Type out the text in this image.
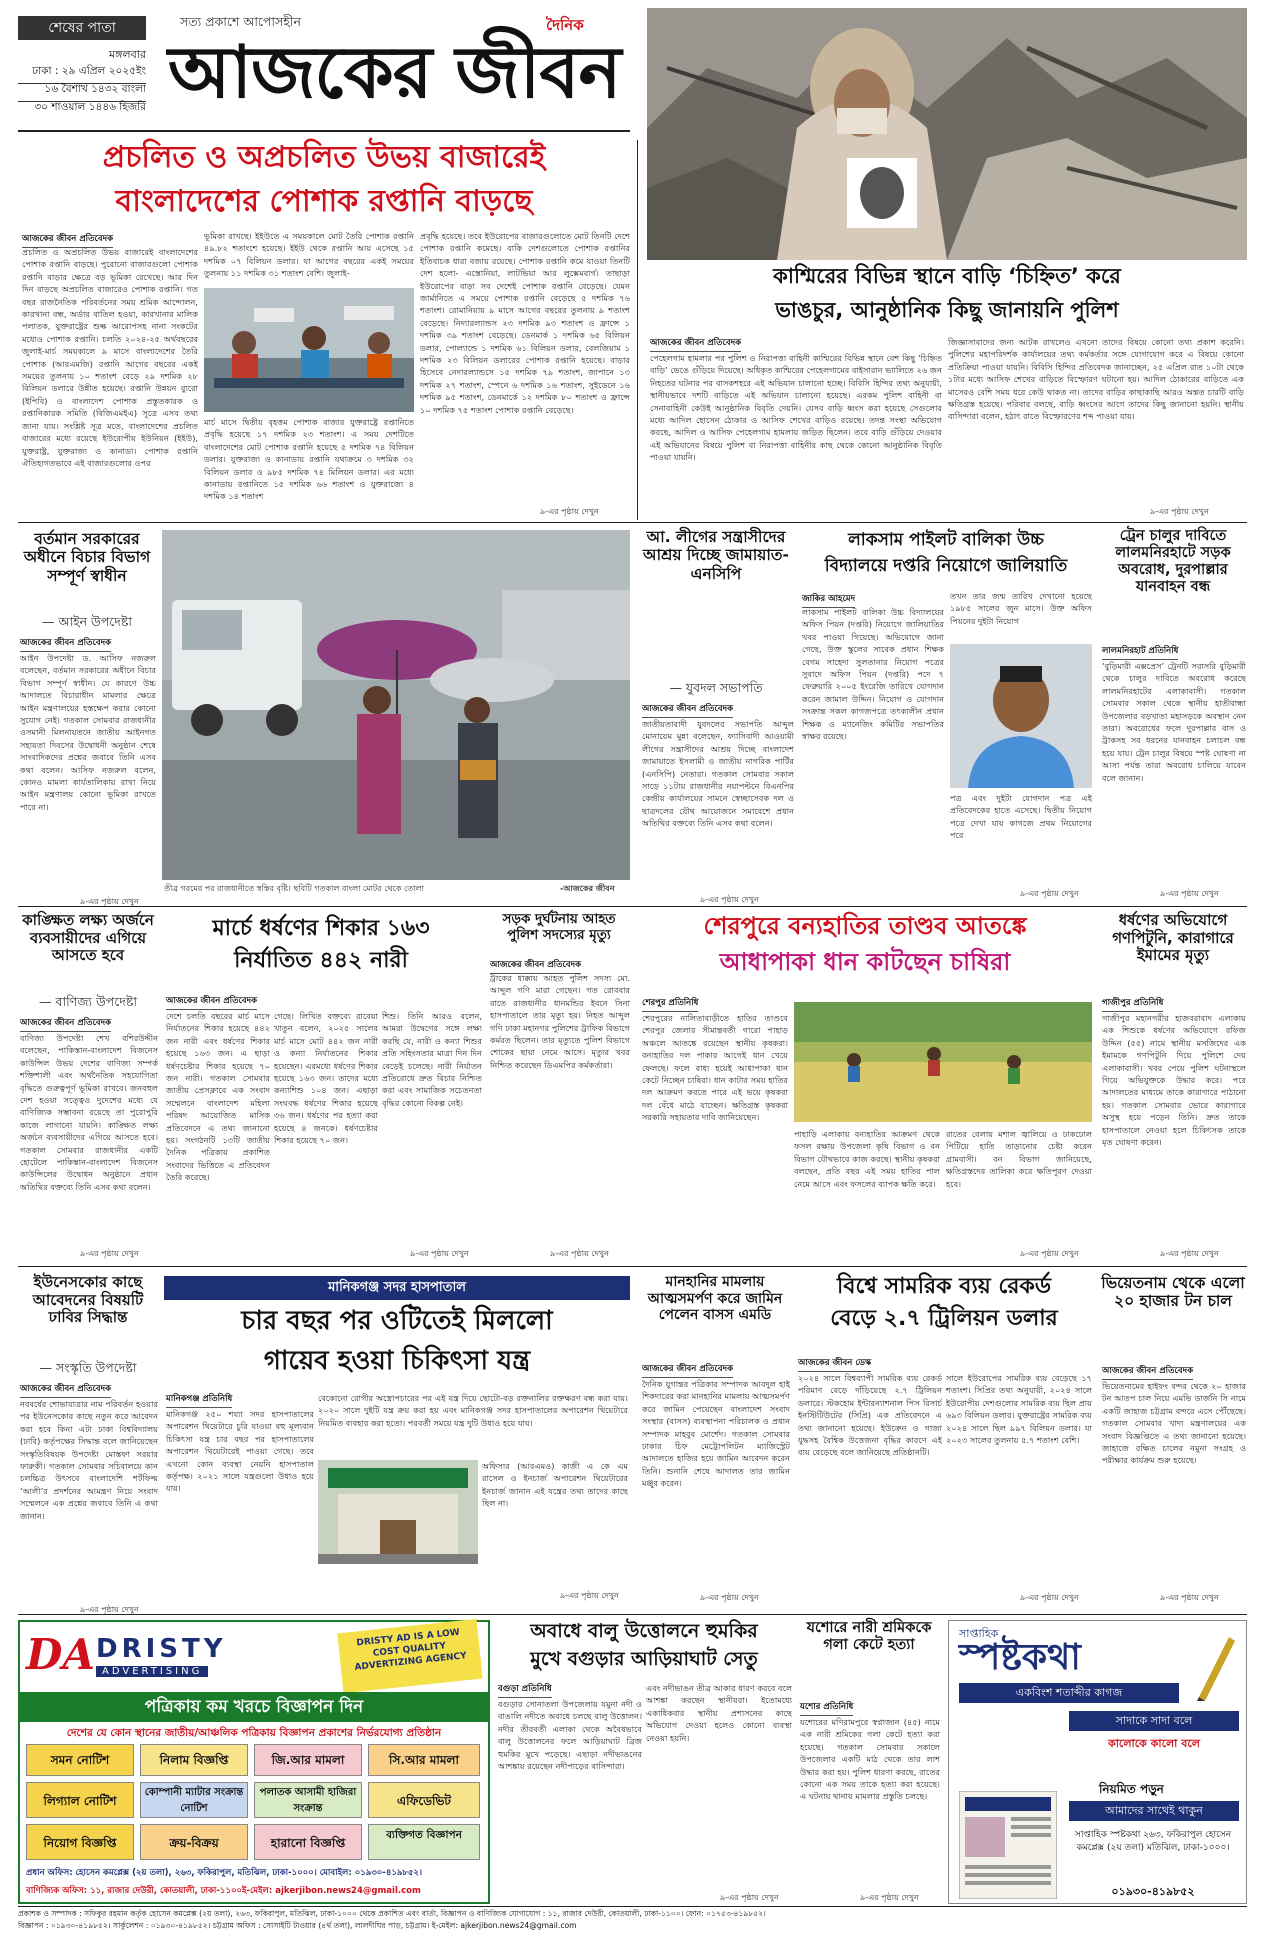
শেষের পাতা
মঙ্গলবার
ঢাকা : ২৯ এপ্রিল ২০২৫ইং
১৬ বৈশাখ ১৪৩২ বাংলা
৩০ শাওয়াল ১৪৪৬ হিজরি
সত্য প্রকাশে আপোসহীন	দৈনিক
আজকের জীবন
প্রচলিত ও অপ্রচলিত উভয় বাজারেই
বাংলাদেশের পোশাক রপ্তানি বাড়ছে
আজকের জীবন প্রতিবেদক
প্রচলিত ও অপ্রচলিত উভয় বাজারেই বাংলাদেশের পোশাক রপ্তানি বাড়ছে। পুরোনো বাজারগুলো পোশাক রপ্তানি বাড়ার ক্ষেত্রে বড় ভূমিকা রেখেছে। আর দিন দিন বাড়ছে অপ্রচলিত বাজারেও পোশাক রপ্তানি। গত বছর রাজনৈতিক পরিবর্তনের সময় শ্রমিক আন্দোলন, কারখানা বন্ধ, অর্ডার বাতিল হওয়া, কারখানার মালিক পলাতক, যুক্তরাষ্ট্রের শুল্ক আরোপসহ নানা সংকটের মধ্যেও পোশাক রপ্তানি। চলতি ২০২৪-২৫ অর্থবছরের জুলাই-মার্চ সময়কালে ৯ মাসে বাংলাদেশের তৈরি পোশাক (আরএমজি) রপ্তানি আগের বছরের একই সময়ের তুলনায় ১০ শতাংশ বেড়ে ২৯ দশমিক ২৮ বিলিয়ন ডলারে উন্নীত হয়েছে। রপ্তানি উন্নয়ন ব্যুরো (ইপিবি) ও বাংলাদেশ পোশাক প্রস্তুতকারক ও রপ্তানিকারক সমিতি (বিজিএমইএ) সূত্রে এসব তথ্য জানা যায়। সংশ্লিষ্ট সূত্র মতে, বাংলাদেশের প্রচলিত বাজারের মধ্যে রয়েছে ইউরোপীয় ইউনিয়ন (ইইউ), যুক্তরাষ্ট্র, যুক্তরাজ্য ও কানাডা। পোশাক রপ্তানি ঐতিহ্যগতভাবে এই বাজারগুলোর ওপর
ভূমিকা রাখছে। ইইউতে এ সময়কালে মোট তৈরি পোশাক রপ্তানি ৪৯.৮২ শতাংশে হয়েছে। ইইউ থেকে রপ্তানি আয় এসেছে ১৫ দশমিক ০৭ বিলিয়ন ডলার। যা আগের বছরের একই সময়ের তুলনায় ১১ দশমিক ৩১ শতাংশ বেশি। জুলাই-
মার্চ মাসে দ্বিতীয় বৃহত্তম পোশাক বাজার যুক্তরাষ্ট্রে রপ্তানিতে প্রবৃদ্ধি হয়েছে ১৭ দশমিক ২৩ শতাংশ। এ সময় দেশটিতে বাংলাদেশের মোট পোশাক রপ্তানি হয়েছে ৫ দশমিক ৭৪ বিলিয়ন ডলার। যুক্তরাজ্য ও কানাডায় রপ্তানি যথাক্রমে ৩ দশমিক ৩২ বিলিয়ন ডলার ও ৯৮৫ দশমিক ৭৪ মিলিয়ন ডলার। এর মধ্যে কানাডায় রপ্তানিতে ১৫ দশমিক ৬৬ শতাংশ ও যুক্তরাজ্যে ৪ দশমিক ১৪ শতাংশ
প্রবৃদ্ধি হয়েছে। তবে ইউরোপের বাজারগুলোতে মোট তিনটি দেশে পোশাক রপ্তানি কমেছে। বাকি দেশগুলোতে পোশাক রপ্তানির ইতিবাচক ধারা বজায় রয়েছে। পোশাক রপ্তানি কমে যাওয়া তিনটি দেশ হলো- এস্তোনিয়া, লাটভিয়া আর লুক্সেমবার্গ। তাছাড়া ইউরোপের বাড়া সব দেশেই পোশাক রপ্তানি বেড়েছে। যেমন জার্মানিতে এ সময়ে পোশাক রপ্তানি বেড়েছে ৫ দশমিক ৭৬ শতাংশ। রোমানিয়ায় ৯ মাসে আগের বছরের তুলনায় ৯ শতাংশ বেড়েছে। নিদ্যারল্যান্ডস ২৩ দশমিক ৯৩ শতাংশ ও ফ্রান্সে ১ দশমিক ৩৯ শতাংশ বেড়েছে। ডেনমার্ক ১ দশমিক ৬৫ বিলিয়ন ডলার, পোল্যান্ডে ১ দশমিক ৬১ বিলিয়ন ডলার, বেলজিয়াম ১ দশমিক ২৩ বিলিয়ন ডলারের পোশাক রপ্তানি হয়েছে। বাড়ার হিসেবে নেদারল্যান্ডসে ১৫ দশমিক ৭৯ শতাংশ, জাপানে ১৩ দশমিক ২৭ শতাংশ, স্পেনে ৬ দশমিক ১৬ শতাংশ, সুইডেনে ১৬ দশমিক ৯৫ শতাংশ, ডেনমার্কে ১২ দশমিক ৮০ শতাংশ ও ফ্রান্সে ১০ দশমিক ৭৫ শতাংশ পোশাক রপ্তানি বেড়েছে।
৯-এর পৃষ্ঠায় দেখুন
কাশ্মিরের বিভিন্ন স্থানে বাড়ি ‘চিহ্নিত’ করে
ভাঙচুর, আনুষ্ঠানিক কিছু জানায়নি পুলিশ
আজকের জীবন প্রতিবেদক
পেহেলগাম হামলার পর পুলিশ ও নিরাপত্তা বাহিনী কাশ্মিরের বিভিন্ন স্থানে বেশ কিছু ‘চিহ্নিত বাড়ি’ ভেঙে গুঁড়িয়ে দিয়েছে। অধিকৃত কাশ্মিরের পেহেলগামের বাইসারান ভ্যালিতে ২৬ জন নিহতের ঘটনার পর বাসকশহরে এই অভিযান চালানো হচ্ছে। বিবিসি হিন্দির তথ্য অনুযায়ী, স্থানীয়ভাবে দশটি বাড়িতে এই অভিযান চালানো হয়েছে। এরকম পুলিশ বাহিনী বা সেনাবাহিনী কেউই আনুষ্ঠানিক বিবৃতি দেয়নি। যেসব বাড়ি ধ্বংস করা হয়েছে সেগুলোর মধ্যে আদিল হোসেন ঠোকার ও আসিফ শেখের বাড়িও রয়েছে। তদন্ত সংস্থা অভিযোগ করছে, আদিল ও আসিফ পেহেলগাম হামলায় জড়িত ছিলেন। তবে বাড়ি গুঁড়িয়ে দেওয়ার এই অভিযানের বিষয়ে পুলিশ বা নিরাপত্তা বাহিনীর কাছ থেকে কোনো আনুষ্ঠানিক বিবৃতি পাওয়া যায়নি।
জিজ্ঞাসাবাদের জন্য আটক রাখলেও এখনো তাদের বিষয়ে কোনো তথ্য প্রকাশ করেনি। পুলিশের মহাপরিদর্শক কার্যালয়ের তথ্য কর্মকর্তার সঙ্গে যোগাযোগ করে এ বিষয়ে কোনো প্রতিক্রিয়া পাওয়া যায়নি। বিবিসি হিন্দির প্রতিবেদক জানাচ্ছেন, ২৫ এপ্রিল রাত ১০টা থেকে ১টার মধ্যে আসিফ শেখের বাড়িতে বিস্ফোরণ ঘটানো হয়। আদিল ঠোকারের বাড়িতে এক মাসেরও বেশি সময় ধরে কেউ থাকত না। তাদের বাড়ির কাছাকাছি আরও অন্তত চারটি বাড়ি ক্ষতিগ্রস্ত হয়েছে। পরিবার বলছে, বাড়ি ধ্বংসের আগে তাদের কিছু জানানো হয়নি। স্থানীয় বাসিন্দারা বলেন, হঠাৎ রাতে বিস্ফোরণের শব্দ পাওয়া যায়।
৯-এর পৃষ্ঠায় দেখুন
বর্তমান সরকারের অধীনে বিচার বিভাগ সম্পূর্ণ স্বাধীন
— আইন উপদেষ্টা
আজকের জীবন প্রতিবেদক
আইন উপদেষ্টা ড. আসিফ নজরুল বলেছেন, বর্তমান সরকারের অধীনে বিচার বিভাগ সম্পূর্ণ স্বাধীন। যে কারণে উচ্চ আদালতে বিচারাধীন মামলার ক্ষেত্রে আইন মন্ত্রণালয়ের হস্তক্ষেপ করার কোনো সুযোগ নেই। গতকাল সোমবার রাজধানীর ওসমানী মিলনায়তনে জাতীয় আইনগত সহায়তা দিবসের উদ্বোধনী অনুষ্ঠান শেষে সাংবাদিকদের প্রশ্নের জবাবে তিনি এসব কথা বলেন। আসিফ নজরুল বলেন, কোনও মামলা কার্যতালিকায় রাখা নিয়ে আইন মন্ত্রণালয় কোনো ভূমিকা রাখতে পারে না।
৯-এর পৃষ্ঠায় দেখুন
তীব্র গরমের পর রাজধানীতে স্বস্তির বৃষ্টি। ছবিটি গতকাল বাংলা মোটর থেকে তোলা	-আজকের জীবন
আ. লীগের সন্ত্রাসীদের আশ্রয় দিচ্ছে জামায়াত-এনসিপি
— যুবদল সভাপতি
আজকের জীবন প্রতিবেদক
জাতীয়তাবাদী যুবদলের সভাপতি আব্দুল মোনায়েম মুন্না বলেছেন, ফ্যাসিবাদী আওয়ামী লীগের সন্ত্রাসীদের আশ্রয় দিচ্ছে বাংলাদেশ জামায়াতে ইসলামী ও জাতীয় নাগরিক পার্টির (এনসিপি) নেতারা। গতকাল সোমবার সকাল সাড়ে ১১টায় রাজধানীর নয়াপল্টনে বিএনপির কেন্দ্রীয় কার্যালয়ের সামনে স্বেচ্ছাসেবক দল ও ছাত্রদলের যৌথ আয়োজনে সমাবেশে প্রধান অতিথির বক্তব্যে তিনি এসব কথা বলেন।
৯-এর পৃষ্ঠায় দেখুন
লাকসাম পাইলট বালিকা উচ্চ
বিদ্যালয়ে দপ্তরি নিয়োগে জালিয়াতি
জাকির আহমেদ
লাকসাম পাইলট বালিকা উচ্চ বিদ্যালয়ের অফিস পিয়ন (দপ্তরি) নিয়োগে জালিয়াতির খবর পাওয়া গিয়েছে। অভিযোগে জানা গেছে, উক্ত স্কুলের সাবেক প্রধান শিক্ষক বেগম সাহেদা সুলতানার নিয়োগ পত্রের সুবাদে অফিস পিয়ন (দপ্তরি) পদে ৭ ফেব্রুয়ারি ২০০৫ ইংরেজি তারিখে যোগদান করেন জামাল উদ্দিন। নিয়োগ ও যোগদান সংক্রান্ত সকল কাগজপত্রে তৎকালীন প্রধান শিক্ষক ও ম্যানেজিং কমিটির সভাপতির স্বাক্ষর রয়েছে।
তখন তার জন্ম তারিখ দেখানো হয়েছে ১৯৮৫ সালের জুন মাসে। উক্ত অফিস পিয়নের দুইটা নিয়োগ
পত্র এবং দুইটা যোগদান পত্র এই প্রতিবেদকের হাতে এসেছে। দ্বিতীয় নিয়োগ পত্রে দেখা যায় কাগজে প্রথম নিয়োগের পরে
৯-এর পৃষ্ঠায় দেখুন
ট্রেন চালুর দাবিতে লালমনিরহাটে সড়ক অবরোধ, দুরপাল্লার যানবাহন বন্ধ
লালমনিরহাট প্রতিনিধি
‘বুড়িমারী এক্সপ্রেস’ ট্রেনটি সরাসরি বুড়িমারী থেকে চালুর দাবিতে অবরোধ করেছে লালমনিরহাটের এলাকাবাসী। গতকাল সোমবার সকাল থেকে স্থানীয় হাতীবান্ধা উপজেলার বড়খাতা মহাসড়কে অবস্থান নেন তারা। অবরোধের ফলে দুরপাল্লার বাস ও ট্রাকসহ সব ধরনের যানবাহন চলাচল বন্ধ হয়ে যায়। ট্রেন চালুর বিষয়ে স্পষ্ট ঘোষণা না আসা পর্যন্ত তারা অবরোধ চালিয়ে যাবেন বলে জানান।
৯-এর পৃষ্ঠায় দেখুন
কাঙ্ক্ষিত লক্ষ্য অর্জনে ব্যবসায়ীদের এগিয়ে আসতে হবে
— বাণিজ্য উপদেষ্টা
আজকের জীবন প্রতিবেদক
বাণিজ্য উপদেষ্টা শেখ বশিরউদ্দীন বলেছেন, পাকিস্তান-বাংলাদেশ বিজনেস কাউন্সিল উভয় দেশের বাণিজ্য সম্পর্ক শক্তিশালী এবং অর্থনৈতিক সহযোগিতা বৃদ্ধিতে গুরুত্বপূর্ণ ভূমিকা রাখবে। জনবহুল দেশ হওয়া সত্ত্বেও দুদেশের মধ্যে যে বাণিজ্যিক সম্ভাবনা রয়েছে তা পুরোপুরি কাজে লাগানো যায়নি। কাঙ্ক্ষিত লক্ষ্য অর্জনে ব্যবসায়ীদের এগিয়ে আসতে হবে। গতকাল সোমবার রাজধানীর একটি হোটেলে পাকিস্তান-বাংলাদেশ বিজনেস কাউন্সিলের উদ্বোধন অনুষ্ঠানে প্রধান অতিথির বক্তব্যে তিনি এসব কথা বলেন।
৯-এর পৃষ্ঠায় দেখুন
মার্চে ধর্ষণের শিকার ১৬৩
নির্যাতিত ৪৪২ নারী
আজকের জীবন প্রতিবেদক
দেশে চলতি বছরের মার্চ মাসে নির্যাতনের শিকার হয়েছে ৪৪২ জন নারী এবং ধর্ষণের শিকার হয়েছে ১৬৩ জন। এ ছাড়া ধর্ষণচেষ্টার শিকার হয়েছে ৭০ জন নারী। গতকাল সোমবার জাতীয় প্রেসক্লাবে এক সংবাদ সম্মেলনে বাংলাদেশ মহিলা পরিষদ আয়োজিত মাসিক প্রতিবেদনে এ তথ্য জানানো হয়। সংগঠনটি ১৩টি জাতীয় দৈনিক পত্রিকায় প্রকাশিত সংবাদের ভিত্তিতে এ প্রতিবেদন তৈরি করেছে।
গেছে। লিখিত বক্তব্যে রাবেয়া খাতুন বলেন, ২০২৫ সালের মার্চ মাসে মোট ৪৪২ জন নারী ও কন্যা নির্যাতনের শিকার হয়েছেন। এরমধ্যে ধর্ষণের শিকার হয়েছে ১৬৩ জন। তাদের মধ্যে কন্যাশিশু ১০৪ জন। এছাড়া সংঘবদ্ধ ধর্ষণের শিকার হয়েছে ৩৬ জন। ধর্ষণের পর হত্যা করা হয়েছে ৪ জনকে। ধর্ষণচেষ্টার শিকার হয়েছে ৭০ জন।
শিশু। তিনি আরও বলেন, আমরা উদ্বেগের সঙ্গে লক্ষ্য করছি যে, নারী ও কন্যা শিশুর প্রতি সহিংসতার মাত্রা দিন দিন বেড়েই চলেছে। নারী নির্যাতন প্রতিরোধে দ্রুত বিচার নিশ্চিত করা এবং সামাজিক সচেতনতা বৃদ্ধির কোনো বিকল্প নেই।
৯-এর পৃষ্ঠায় দেখুন
সড়ক দুর্ঘটনায় আহত পুলিশ সদস্যের মৃত্যু
আজকের জীবন প্রতিবেদক
ট্রাকের ধাক্কায় আহত পুলিশ সদস্য মো. আব্দুল গণি মারা গেছেন। গত রোববার রাতে রাজধানীর ধানমন্ডির ইবনে সিনা হাসপাতালে তার মৃত্যু হয়। নিহত আব্দুল গণি ঢাকা মহানগর পুলিশের ট্রাফিক বিভাগে কর্মরত ছিলেন। তার মৃত্যুতে পুলিশ বিভাগে শোকের ছায়া নেমে আসে। মৃত্যুর খবর নিশ্চিত করেছেন ডিএমপির কর্মকর্তারা।
৯-এর পৃষ্ঠায় দেখুন
শেরপুরে বন্যহাতির তাণ্ডব আতঙ্কে
আধাপাকা ধান কাটছেন চাষিরা
শেরপুর প্রতিনিধি
শেরপুরের নালিতাবাড়ীতে হাতির তাণ্ডবে শেরপুর জেলার সীমান্তবর্তী গারো পাহাড় অঞ্চলে আতঙ্কে রয়েছেন স্থানীয় কৃষকরা। বন্যহাতির দল পাকার আগেই ধান খেয়ে ফেলছে। ফলে বাধ্য হয়েই আধাপাকা ধান কেটে নিচ্ছেন চাষিরা। ধান কাটার সময় হাতির দল আক্রমণ করতে পারে এই ভয়ে কৃষকরা দল বেঁধে মাঠে যাচ্ছেন। ক্ষতিগ্রস্ত কৃষকরা সরকারি সহায়তার দাবি জানিয়েছেন।
পাহাড়ি এলাকায় বন্যহাতির আক্রমণ থেকে ফসল রক্ষায় উপজেলা কৃষি বিভাগ ও বন বিভাগ যৌথভাবে কাজ করছে। স্থানীয় কৃষকরা বলছেন, প্রতি বছর এই সময় হাতির পাল নেমে আসে এবং ফসলের ব্যাপক ক্ষতি করে।
রাতের বেলায় মশাল জ্বালিয়ে ও ঢাকঢোল পিটিয়ে হাতি তাড়ানোর চেষ্টা করেন গ্রামবাসী। বন বিভাগ জানিয়েছে, ক্ষতিগ্রস্তদের তালিকা করে ক্ষতিপূরণ দেওয়া হবে।
৯-এর পৃষ্ঠায় দেখুন
ধর্ষণের অভিযোগে গণপিটুনি, কারাগারে ইমামের মৃত্যু
গাজীপুর প্রতিনিধি
গাজীপুর মহানগরীর হাজবরাবাদ এলাকায় এক শিশুকে ধর্ষণের অভিযোগে রফিজ উদ্দিন (৫৫) নামে স্থানীয় মসজিদের এক ইমামকে গণপিটুনি দিয়ে পুলিশে দেয় এলাকাবাসী। খবর পেয়ে পুলিশ ঘটনাস্থলে গিয়ে অভিযুক্তকে উদ্ধার করে। পরে আদালতের মাধ্যমে তাকে কারাগারে পাঠানো হয়। গতকাল সোমবার ভোরে কারাগারে অসুস্থ হয়ে পড়েন তিনি। দ্রুত তাকে হাসপাতালে নেওয়া হলে চিকিৎসক তাকে মৃত ঘোষণা করেন।
৯-এর পৃষ্ঠায় দেখুন
ইউনেসকোর কাছে আবেদনের বিষয়টি ঢাবির সিদ্ধান্ত
— সংস্কৃতি উপদেষ্টা
আজকের জীবন প্রতিবেদক
নববর্ষের শোভাযাত্রার নাম পরিবর্তন হওয়ার পর ইউনেসকোর কাছে নতুন করে আবেদন করা হবে কিনা এটা ঢাকা বিশ্ববিদ্যালয় (ঢাবি) কর্তৃপক্ষের সিদ্ধান্ত বলে জানিয়েছেন সংস্কৃতিবিষয়ক উপদেষ্টা মোস্তফা সরয়ার ফারুকী। গতকাল সোমবার সচিবালয়ে কান চলচ্চিত্র উৎসবে বাংলাদেশি শর্টফিল্ম ‘আলী’র প্রদর্শনের আমন্ত্রণ নিয়ে সংবাদ সম্মেলনে এক প্রশ্নের জবাবে তিনি এ কথা জানান।
৯-এর পৃষ্ঠায় দেখুন
মানিকগঞ্জ সদর হাসপাতাল
চার বছর পর ওটিতেই মিললো
গায়েব হওয়া চিকিৎসা যন্ত্র
মানিকগঞ্জ প্রতিনিধি
মানিকগঞ্জ ২৫০ শয্যা সদর হাসপাতালের অপারেশন থিয়েটারে চুরি যাওয়া বহু মূল্যবান চিকিৎসা যন্ত্র চার বছর পর হাসপাতালের অপারেশন থিয়েটারেই পাওয়া গেছে। তবে এখনো কোন ব্যবস্থা নেয়নি হাসপাতাল কর্তৃপক্ষ। ২০২১ সালে যন্ত্রগুলো উধাও হয়ে যায়।
বেকোনো রোগীর অস্ত্রোপচারের পর এই যন্ত্র দিয়ে ছোটো-বড় রক্তনালির রক্তক্ষরণ বন্ধ করা যায়। ২০২০ সালে দুইটি যন্ত্র ক্রয় করা হয় এবং মানিকগঞ্জ সদর হাসপাতালের অপারেশন থিয়েটারে নিয়মিত ব্যবহার করা হতো। পরবর্তী সময়ে যন্ত্র দুটি উধাও হয়ে যায়।
অফিসার (আরএমও) কাজী এ কে এম রাসেল ও ইনচার্জ অপারেশন থিয়েটারের ইনচার্জ জানান এই যন্ত্রের তথ্য তাদের কাছে ছিল না।
৯-এর পৃষ্ঠায় দেখুন
মানহানির মামলায় আত্মসমর্পণ করে জামিন পেলেন বাসস এমডি
আজকের জীবন প্রতিবেদক
দৈনিক যুগান্তর পত্রিকার সম্পাদক আবদুল হাই শিকদারের করা মানহানির মামলায় আত্মসমর্পণ করে জামিন পেয়েছেন বাংলাদেশ সংবাদ সংস্থার (বাসস) ব্যবস্থাপনা পরিচালক ও প্রধান সম্পাদক মাহবুব মোর্শেদ। গতকাল সোমবার ঢাকার চিফ মেট্রোপলিটন ম্যাজিস্ট্রেট আদালতে হাজির হয়ে জামিন আবেদন করেন তিনি। শুনানি শেষে আদালত তার জামিন মঞ্জুর করেন।
৯-এর পৃষ্ঠায় দেখুন
বিশ্বে সামরিক ব্যয় রেকর্ড
বেড়ে ২.৭ ট্রিলিয়ন ডলার
আজকের জীবন ডেস্ক
২০২৪ সালে বিশ্বব্যাপী সামরিক ব্যয় রেকর্ড পরিমাণ বেড়ে দাঁড়িয়েছে ২.৭ ট্রিলিয়ন ডলারে। স্টকহোম ইন্টারন্যাশনাল পিস রিসার্চ ইনস্টিটিউটের (সিপ্রি) এক প্রতিবেদনে এ তথ্য জানানো হয়েছে। ইউক্রেন ও গাজা যুদ্ধসহ বৈশ্বিক উত্তেজনা বৃদ্ধির কারণে এই ব্যয় বেড়েছে বলে জানিয়েছে প্রতিষ্ঠানটি।
সালে ইউরোপের সামরিক ব্যয় বেড়েছে ১৭ শতাংশ। সিপ্রির তথ্য অনুযায়ী, ২০২৪ সালে ইউরোপীয় দেশগুলোর সামরিক ব্যয় ছিল প্রায় ৬৯৩ বিলিয়ন ডলার। যুক্তরাষ্ট্রের সামরিক ব্যয় ২০২৪ সালে ছিল ৯৯৭ বিলিয়ন ডলার। যা ২০২৩ সালের তুলনায় ৫.৭ শতাংশ বেশি।
৯-এর পৃষ্ঠায় দেখুন
ভিয়েতনাম থেকে এলো ২০ হাজার টন চাল
আজকের জীবন প্রতিবেদক
ভিয়েতনামের হাইফং বন্দর থেকে ২০ হাজার টন আতপ চাল নিয়ে এমভি ডার্জনি সি নামে একটি জাহাজ চট্টগ্রাম বন্দরে এসে পৌঁছেছে। গতকাল সোমবার খাদ্য মন্ত্রণালয়ের এক সংবাদ বিজ্ঞপ্তিতে এ তথ্য জানানো হয়েছে। জাহাজে রক্ষিত চালের নমুনা সংগ্রহ ও পরীক্ষার কার্যক্রম শুরু হয়েছে।
৯-এর পৃষ্ঠায় দেখুন
DA DRISTY
ADVERTISING
DRISTY AD IS A LOW COST QUALITY ADVERTIZING AGENCY
পত্রিকায় কম খরচে বিজ্ঞাপন দিন
দেশের যে কোন স্থানের জাতীয়/আঞ্চলিক পত্রিকায় বিজ্ঞাপন প্রকাশের নির্ভরযোগ্য প্রতিষ্ঠান
সমন নোটিশ	নিলাম বিজ্ঞপ্তি	জি.আর মামলা	সি.আর মামলা
লিগ্যাল নোটিশ
কোম্পানী ম্যাটার সংক্রান্ত নোটিশ
পলাতক আসামী হাজিরা সংক্রান্ত
এফিডেভিট
নিয়োগ বিজ্ঞপ্তি	ক্রয়-বিক্রয়	হারানো বিজ্ঞপ্তি
ব্যক্তিগত বিজ্ঞাপন
প্রধান অফিস: হোসেন কমপ্লেক্স (২য় তলা), ২৬৩, ফকিরাপুল, মতিঝিল, ঢাকা-১০০০। মোবাইল: ০১৯৩০-৪১৯৮৫২।
বাণিজ্যিক অফিস: ১১, রাজার দেউরী, কোতয়ালী, ঢাকা-১১০০ই-মেইল: ajkerjibon.news24@gmail.com
অবাধে বালু উত্তোলনে হুমকির
মুখে বগুড়ার আড়িয়াঘাট সেতু
বগুড়া প্রতিনিধি
বগুড়ার সোনাতলা উপজেলায় যমুনা নদী ও বাঙালি নদীতে অবাধে চলছে বালু উত্তোলন। নদীর তীরবর্তী এলাকা থেকে অবৈধভাবে বালু উত্তোলনের ফলে আড়িয়াঘাট ব্রিজ হুমকির মুখে পড়েছে। এছাড়া নদীভাঙনের আশঙ্কায় রয়েছেন নদীপাড়ের বাসিন্দারা।
এবং নদীভাঙন তীব্র আকার ধারণ করবে বলে আশঙ্কা করছেন স্থানীয়রা। ইতোমধ্যে একাধিকবার স্থানীয় প্রশাসনের কাছে অভিযোগ দেওয়া হলেও কোনো ব্যবস্থা নেওয়া হয়নি।
৯-এর পৃষ্ঠায় দেখুন
যশোরে নারী শ্রমিককে গলা কেটে হত্যা
যশোর প্রতিনিধি
যশোরের মণিরামপুরে স্বপ্নাজান (৪৫) নামে এক নারী শ্রমিকের গলা কেটে হত্যা করা হয়েছে। গতকাল সোমবার সকালে উপজেলার একটি মাঠ থেকে তার লাশ উদ্ধার করা হয়। পুলিশ ধারণা করছে, রাতের কোনো এক সময় তাকে হত্যা করা হয়েছে। এ ঘটনায় থানায় মামলার প্রস্তুতি চলছে।
৯-এর পৃষ্ঠায় দেখুন
সাপ্তাহিক
স্পষ্টকথা
একবিংশ শতাব্দীর কাগজ
সাদাকে সাদা বলে
কালোকে কালো বলে
নিয়মিত পড়ুন
আমাদের সাথেই থাকুন
সাপ্তাহিক স্পষ্টকথা ২৬৩, ফকিরাপুল হোসেন কমপ্লেক্স (২য় তলা) মতিঝিল, ঢাকা-১০০০।
০১৯৩০-৪১৯৮৫২
প্রকাশক ও সম্পাদক : সফিকুর রহমান কর্তৃক হোসেন কমপ্লেক্স (২য় তলা), ২৬৩, ফকিরাপুল, মতিঝিল, ঢাকা-১০০০ থেকে প্রকাশিত এবং বার্তা, বিজ্ঞাপন ও বাণিজ্যিক যোগাযোগ : ১১, রাজার দেউরী, কোতয়ালী, ঢাকা-১১০০। ফোন: ০১৭৫৩-৪১৯৮৫২।
বিজ্ঞাপন : ০১৯৩০-৪১৯৮৫২। সার্কুলেশন : ০১৯৩০-৪১৯৮৫২। চট্টগ্রাম অফিস : সোসাইটি টাওয়ার (৪র্থ তলা), লালদীঘির পাড়, চট্টগ্রাম। ই-মেইল: ajkerjibon.news24@gmail.com
